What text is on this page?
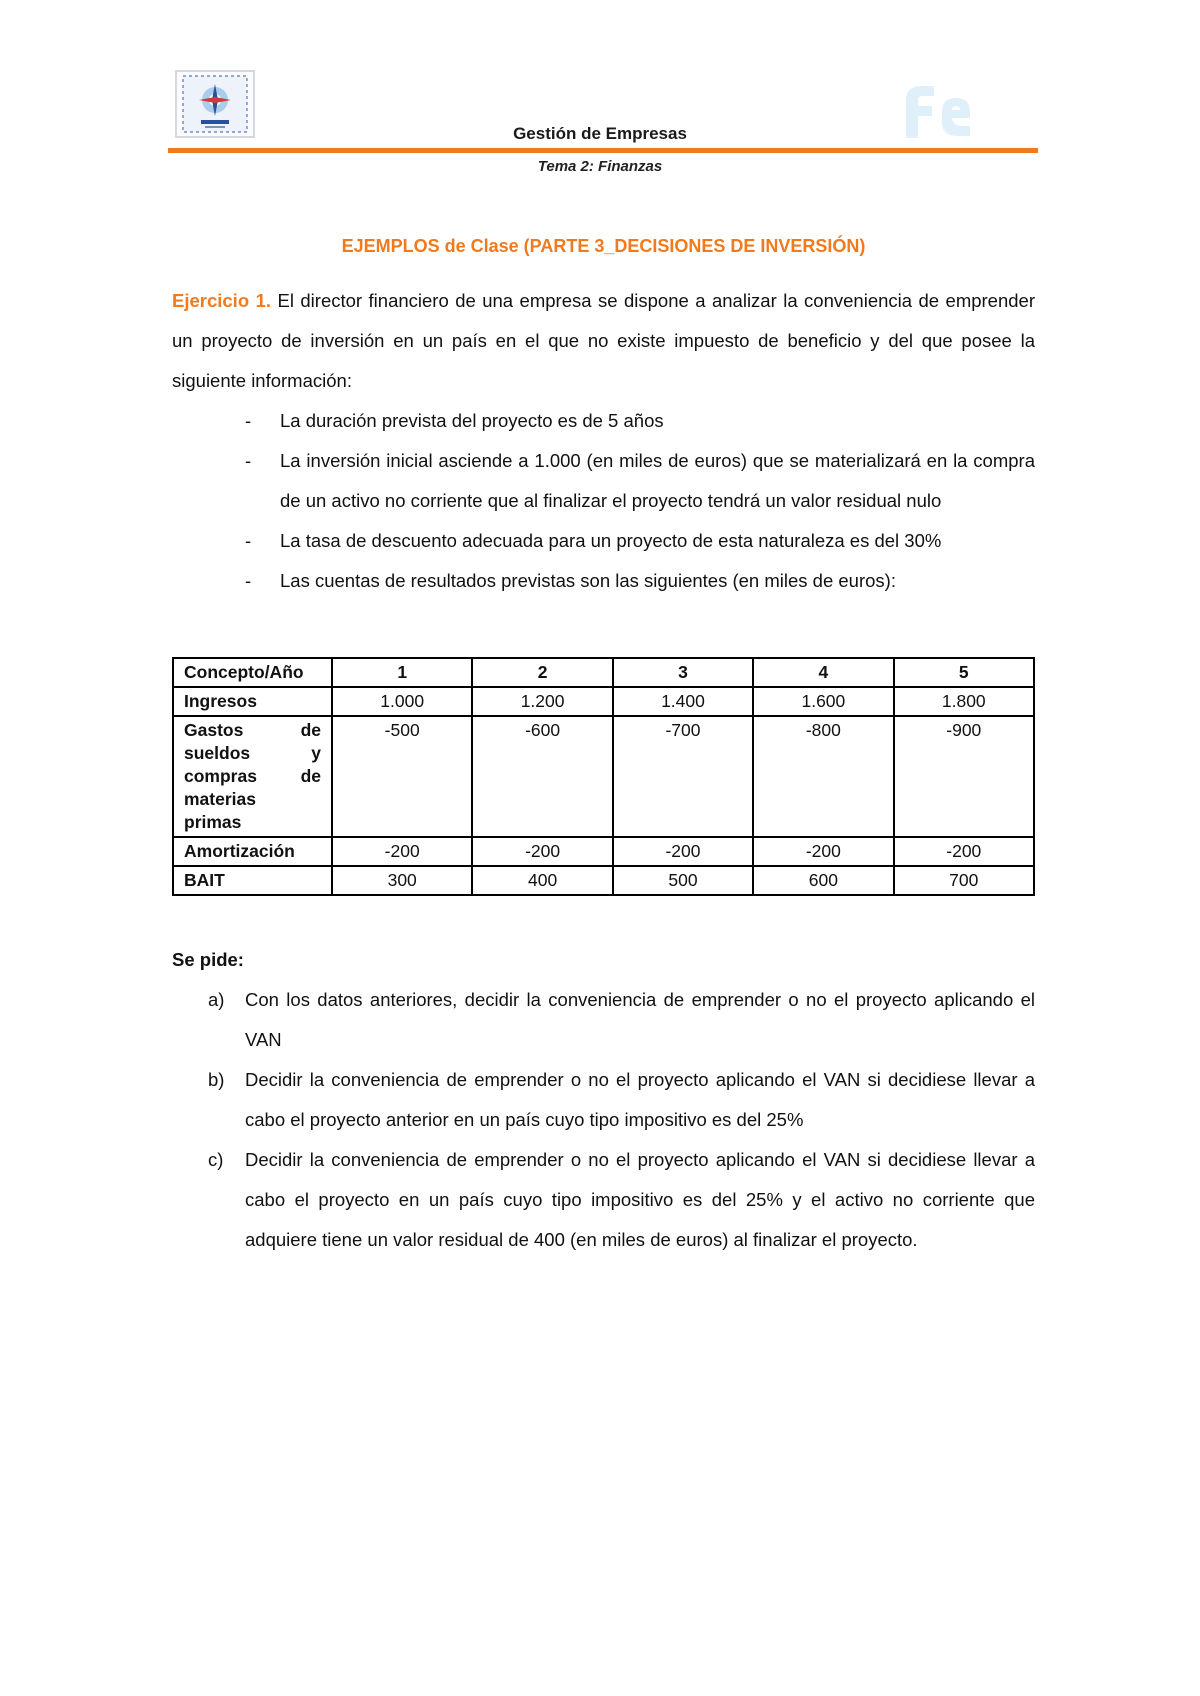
Gestión de Empresas
Tema 2: Finanzas
EJEMPLOS de Clase (PARTE 3_DECISIONES DE INVERSIÓN)

Ejercicio 1. El director financiero de una empresa se dispone a analizar la conveniencia de emprender un proyecto de inversión en un país en el que no existe impuesto de beneficio y del que posee la siguiente información:

- La duración prevista del proyecto es de 5 años
- La inversión inicial asciende a 1.000 (en miles de euros) que se materializará en la compra de un activo no corriente que al finalizar el proyecto tendrá un valor residual nulo
- La tasa de descuento adecuada para un proyecto de esta naturaleza es del 30%
- Las cuentas de resultados previstas son las siguientes (en miles de euros):
Concepto/Año	1	2	3	4	5
Ingresos	1.000	1.200	1.400	1.600	1.800

Gastos de
sueldos y
compras de
materias
primas	-500	-600	-700	-800	-900
Amortización	-200	-200	-200	-200	-200
BAIT	300	400	500	600	700
Se pide:
a) Con los datos anteriores, decidir la conveniencia de emprender o no el proyecto aplicando el VAN
b) Decidir la conveniencia de emprender o no el proyecto aplicando el VAN si decidiese llevar a cabo el proyecto anterior en un país cuyo tipo impositivo es del 25%
c) Decidir la conveniencia de emprender o no el proyecto aplicando el VAN si decidiese llevar a cabo el proyecto en un país cuyo tipo impositivo es del 25% y el activo no corriente que adquiere tiene un valor residual de 400 (en miles de euros) al finalizar el proyecto.
